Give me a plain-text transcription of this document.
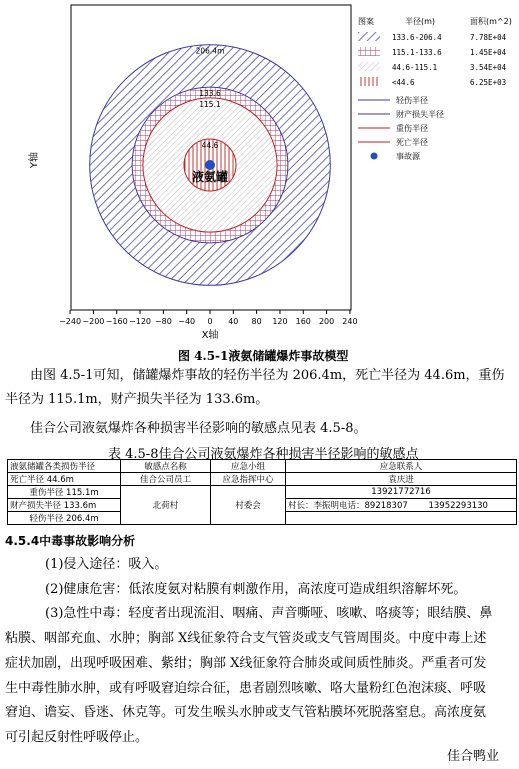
206.4m
133.6
115.1
44.6
液氨罐
−240 −200 −160 −120 −80 −40 0 40 80 120 160 200 240
X轴
Y轴
图案	半径(m)	面积(m^2)
133.6-206.4	7.78E+04
115.1-133.6	1.45E+04
44.6-115.1	3.54E+04
<44.6	6.25E+03
轻伤半径
财产损失半径
重伤半径
死亡半径
事故源
图 4.5-1液氨储罐爆炸事故模型
由图 4.5-1可知，储罐爆炸事故的轻伤半径为 206.4m，死亡半径为 44.6m，重伤
半径为 115.1m，财产损失半径为 133.6m。
佳合公司液氨爆炸各种损害半径影响的敏感点见表 4.5-8。
表 4.5-8佳合公司液氨爆炸各种损害半径影响的敏感点
液氨储罐各类损伤半径	敏感点名称	应急小组	应急联系人
死亡半径 44.6m	佳合公司员工	应急指挥中心	袁庆进
重伤半径 115.1m	北荷村	村委会	13921772716
财产损失半径 133.6m			村长：李振明电话：89218307 13952293130
轻伤半径 206.4m			
4.5.4中毒事故影响分析
(1)侵入途径：吸入。
(2)健康危害：低浓度氨对粘膜有刺激作用，高浓度可造成组织溶解坏死。
(3)急性中毒：轻度者出现流泪、咽痛、声音嘶哑、咳嗽、咯痰等；眼结膜、鼻
粘膜、咽部充血、水肿；胸部 X线征象符合支气管炎或支气管周围炎。中度中毒上述
症状加剧，出现呼吸困难、紫绀；胸部 X线征象符合肺炎或间质性肺炎。严重者可发
生中毒性肺水肿，或有呼吸窘迫综合征，患者剧烈咳嗽、咯大量粉红色泡沫痰、呼吸
窘迫、谵妄、昏迷、休克等。可发生喉头水肿或支气管粘膜坏死脱落窒息。高浓度氨
可引起反射性呼吸停止。
佳合鸭业
